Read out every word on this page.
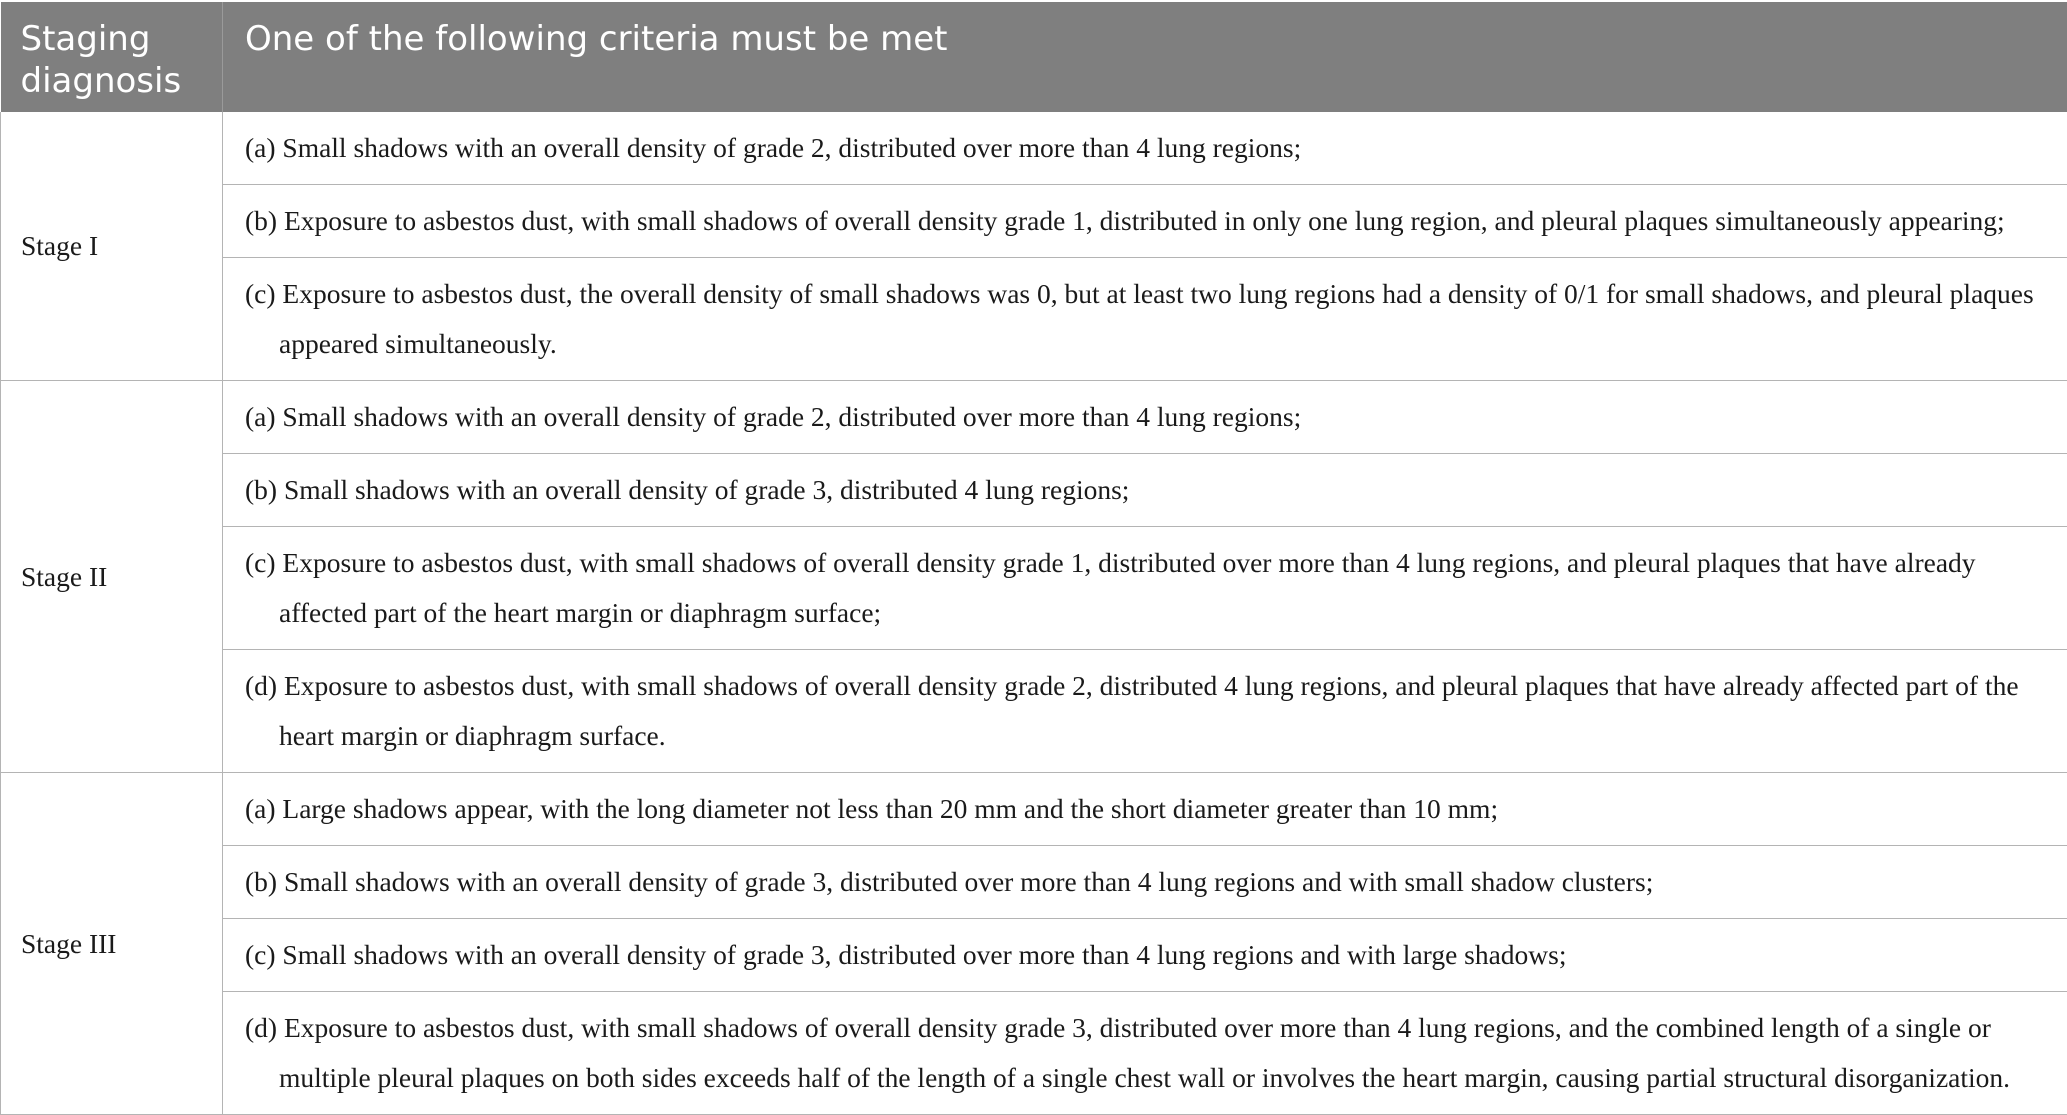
Staging diagnosis	One of the following criteria must be met
Stage I	(a) Small shadows with an overall density of grade 2, distributed over more than 4 lung regions;

	(b) Exposure to asbestos dust, with small shadows of overall density grade 1, distributed in only one lung region, and pleural plaques simultaneously appearing;

	(c) Exposure to asbestos dust, the overall density of small shadows was 0, but at least two lung regions had a density of 0/1 for small shadows, and pleural plaques appeared simultaneously.

Stage II	(a) Small shadows with an overall density of grade 2, distributed over more than 4 lung regions;

	(b) Small shadows with an overall density of grade 3, distributed 4 lung regions;

	(c) Exposure to asbestos dust, with small shadows of overall density grade 1, distributed over more than 4 lung regions, and pleural plaques that have already affected part of the heart margin or diaphragm surface;

	(d) Exposure to asbestos dust, with small shadows of overall density grade 2, distributed 4 lung regions, and pleural plaques that have already affected part of the heart margin or diaphragm surface.

Stage III	(a) Large shadows appear, with the long diameter not less than 20 mm and the short diameter greater than 10 mm;

	(b) Small shadows with an overall density of grade 3, distributed over more than 4 lung regions and with small shadow clusters;

	(c) Small shadows with an overall density of grade 3, distributed over more than 4 lung regions and with large shadows;

	(d) Exposure to asbestos dust, with small shadows of overall density grade 3, distributed over more than 4 lung regions, and the combined length of a single or multiple pleural plaques on both sides exceeds half of the length of a single chest wall or involves the heart margin, causing partial structural disorganization.
